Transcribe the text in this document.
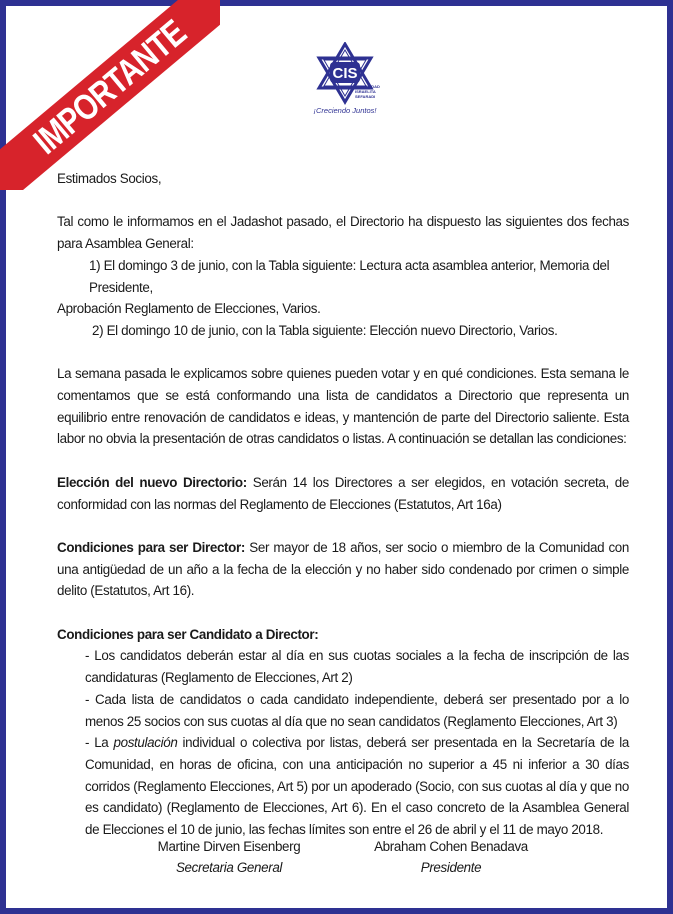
IMPORTANTE	CIS
COMUNIDAD
ISRAELITA
SEFARADI
¡Creciendo Juntos!

Estimados Socios,

Tal como le informamos en el Jadashot pasado, el Directorio ha dispuesto las siguientes dos fechas para Asamblea General:

1) El domingo 3 de junio, con la Tabla siguiente: Lectura acta asamblea anterior, Memoria del Presidente,

Aprobación Reglamento de Elecciones, Varios.

2) El domingo 10 de junio, con la Tabla siguiente: Elección nuevo Directorio, Varios.

La semana pasada le explicamos sobre quienes pueden votar y en qué condiciones. Esta semana le comentamos que se está conformando una lista de candidatos a Directorio que representa un equilibrio entre renovación de candidatos e ideas, y mantención de parte del Directorio saliente. Esta labor no obvia la presentación de otras candidatos o listas. A continuación se detallan las condiciones:

Elección del nuevo Directorio: Serán 14 los Directores a ser elegidos, en votación secreta, de conformidad con las normas del Reglamento de Elecciones (Estatutos, Art 16a)

Condiciones para ser Director: Ser mayor de 18 años, ser socio o miembro de la Comunidad con una antigüedad de un año a la fecha de la elección y no haber sido condenado por crimen o simple delito (Estatutos, Art 16).

Condiciones para ser Candidato a Director:

- Los candidatos deberán estar al día en sus cuotas sociales a la fecha de inscripción de las candidaturas (Reglamento de Elecciones, Art 2)

- Cada lista de candidatos o cada candidato independiente, deberá ser presentado por a lo menos 25 socios con sus cuotas al día que no sean candidatos (Reglamento Elecciones, Art 3)

- La postulación individual o colectiva por listas, deberá ser presentada en la Secretaría de la Comunidad, en horas de oficina, con una anticipación no superior a 45 ni inferior a 30 días corridos (Reglamento Elecciones, Art 5) por un apoderado (Socio, con sus cuotas al día y que no es candidato) (Reglamento de Elecciones, Art 6). En el caso concreto de la Asamblea General de Elecciones el 10 de junio, las fechas límites son entre el 26 de abril y el 11 de mayo 2018.

Martine Dirven Eisenberg
Secretaria General
Abraham Cohen Benadava
Presidente
